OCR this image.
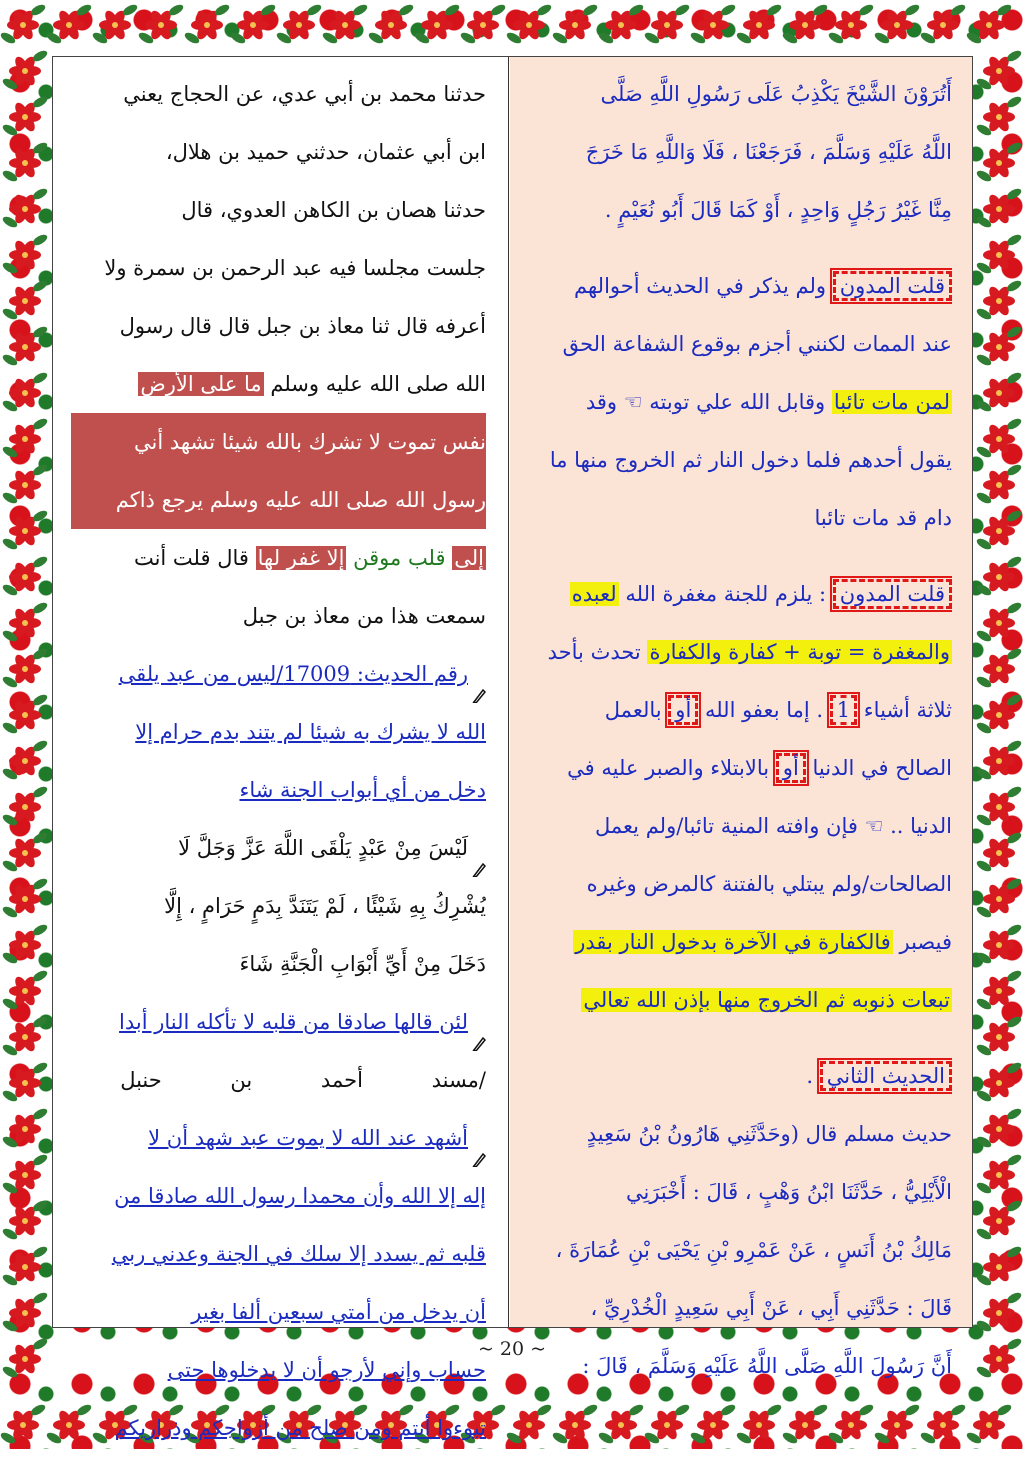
حدثنا محمد بن أبي عدي، عن الحجاج يعني
ابن أبي عثمان، حدثني حميد بن هلال،
حدثنا هصان بن الكاهن العدوي، قال
جلست مجلسا فيه عبد الرحمن بن سمرة ولا
أعرفه قال ثنا معاذ بن جبل قال قال رسول
الله صلى الله عليه وسلم ما على الأرض
نفس تموت لا تشرك بالله شيئا تشهد أني
رسول الله صلى الله عليه وسلم يرجع ذاكم
إلى قلب موقن إلا غفر لها قال قلت أنت
سمعت هذا من معاذ بن جبل
رقم الحديث: 17009/ليس من عبد يلقى
الله لا يشرك به شيئا لم يتند بدم حرام إلا
دخل من أي أبواب الجنة شاء
لَيْسَ مِنْ عَبْدٍ يَلْقَى اللَّهَ عَزَّ وَجَلَّ لَا
يُشْرِكُ بِهِ شَيْئًا ، لَمْ يَتَنَدَّ بِدَمٍ حَرَامٍ ، إِلَّا
دَخَلَ مِنْ أَيِّ أَبْوَابِ الْجَنَّةِ شَاءَ
لئن قالها صادقا من قلبه لا تأكله النار أبدا
/مسند أحمد بن حنبل
أشهد عند الله لا يموت عبد شهد أن لا
إله إلا الله وأن محمدا رسول الله صادقا من
قلبه ثم يسدد إلا سلك في الجنة وعدني ربي
أن يدخل من أمتي سبعين ألفا بغير
حساب وإني لأرجو أن لا يدخلوها حتى
تبوءوا أنتم ومن صلح من أزواجكم وذراريكم
أَتُرَوْنَ الشَّيْخَ يَكْذِبُ عَلَى رَسُولِ اللَّهِ صَلَّى
اللَّهُ عَلَيْهِ وَسَلَّمَ ، فَرَجَعْنَا ، فَلَا وَاللَّهِ مَا خَرَجَ
مِنَّا غَيْرُ رَجُلٍ وَاحِدٍ ، أَوْ كَمَا قَالَ أَبُو نُعَيْمٍ .
قلت المدون ولم يذكر في الحديث أحوالهم
عند الممات لكنني أجزم بوقوع الشفاعة الحق
لمن مات تائبا وقابل الله علي توبته ☜ وقد
يقول أحدهم فلما دخول النار ثم الخروج منها ما
دام قد مات تائبا
قلت المدون : يلزم للجنة مغفرة الله لعبده
والمغفرة = توبة + كفارة والكفارة تحدث بأحد
ثلاثة أشياء 1 . إما بعفو الله أو بالعمل
الصالح في الدنيا أو بالابتلاء والصبر عليه في
الدنيا .. ☜ فإن وافته المنية تائبا/ولم يعمل
الصالحات/ولم يبتلي بالفتنة كالمرض وغيره
فيصبر فالكفارة في الآخرة بدخول النار بقدر
تبعات ذنوبه ثم الخروج منها بإذن الله تعالي
الحديث الثاني .
حديث مسلم قال (وحَدَّثَنِي هَارُونُ بْنُ سَعِيدٍ
الْأَيْلِيُّ ، حَدَّثَنَا ابْنُ وَهْبٍ ، قَالَ : أَخْبَرَنِي
مَالِكُ بْنُ أَنَسٍ ، عَنْ عَمْرِو بْنِ يَحْيَى بْنِ عُمَارَةَ ،
قَالَ : حَدَّثَنِي أَبِي ، عَنْ أَبِي سَعِيدٍ الْخُدْرِيِّ ،
أَنَّ رَسُولَ اللَّهِ صَلَّى اللَّهُ عَلَيْهِ وَسَلَّمَ ، قَالَ :
~ 20 ~
